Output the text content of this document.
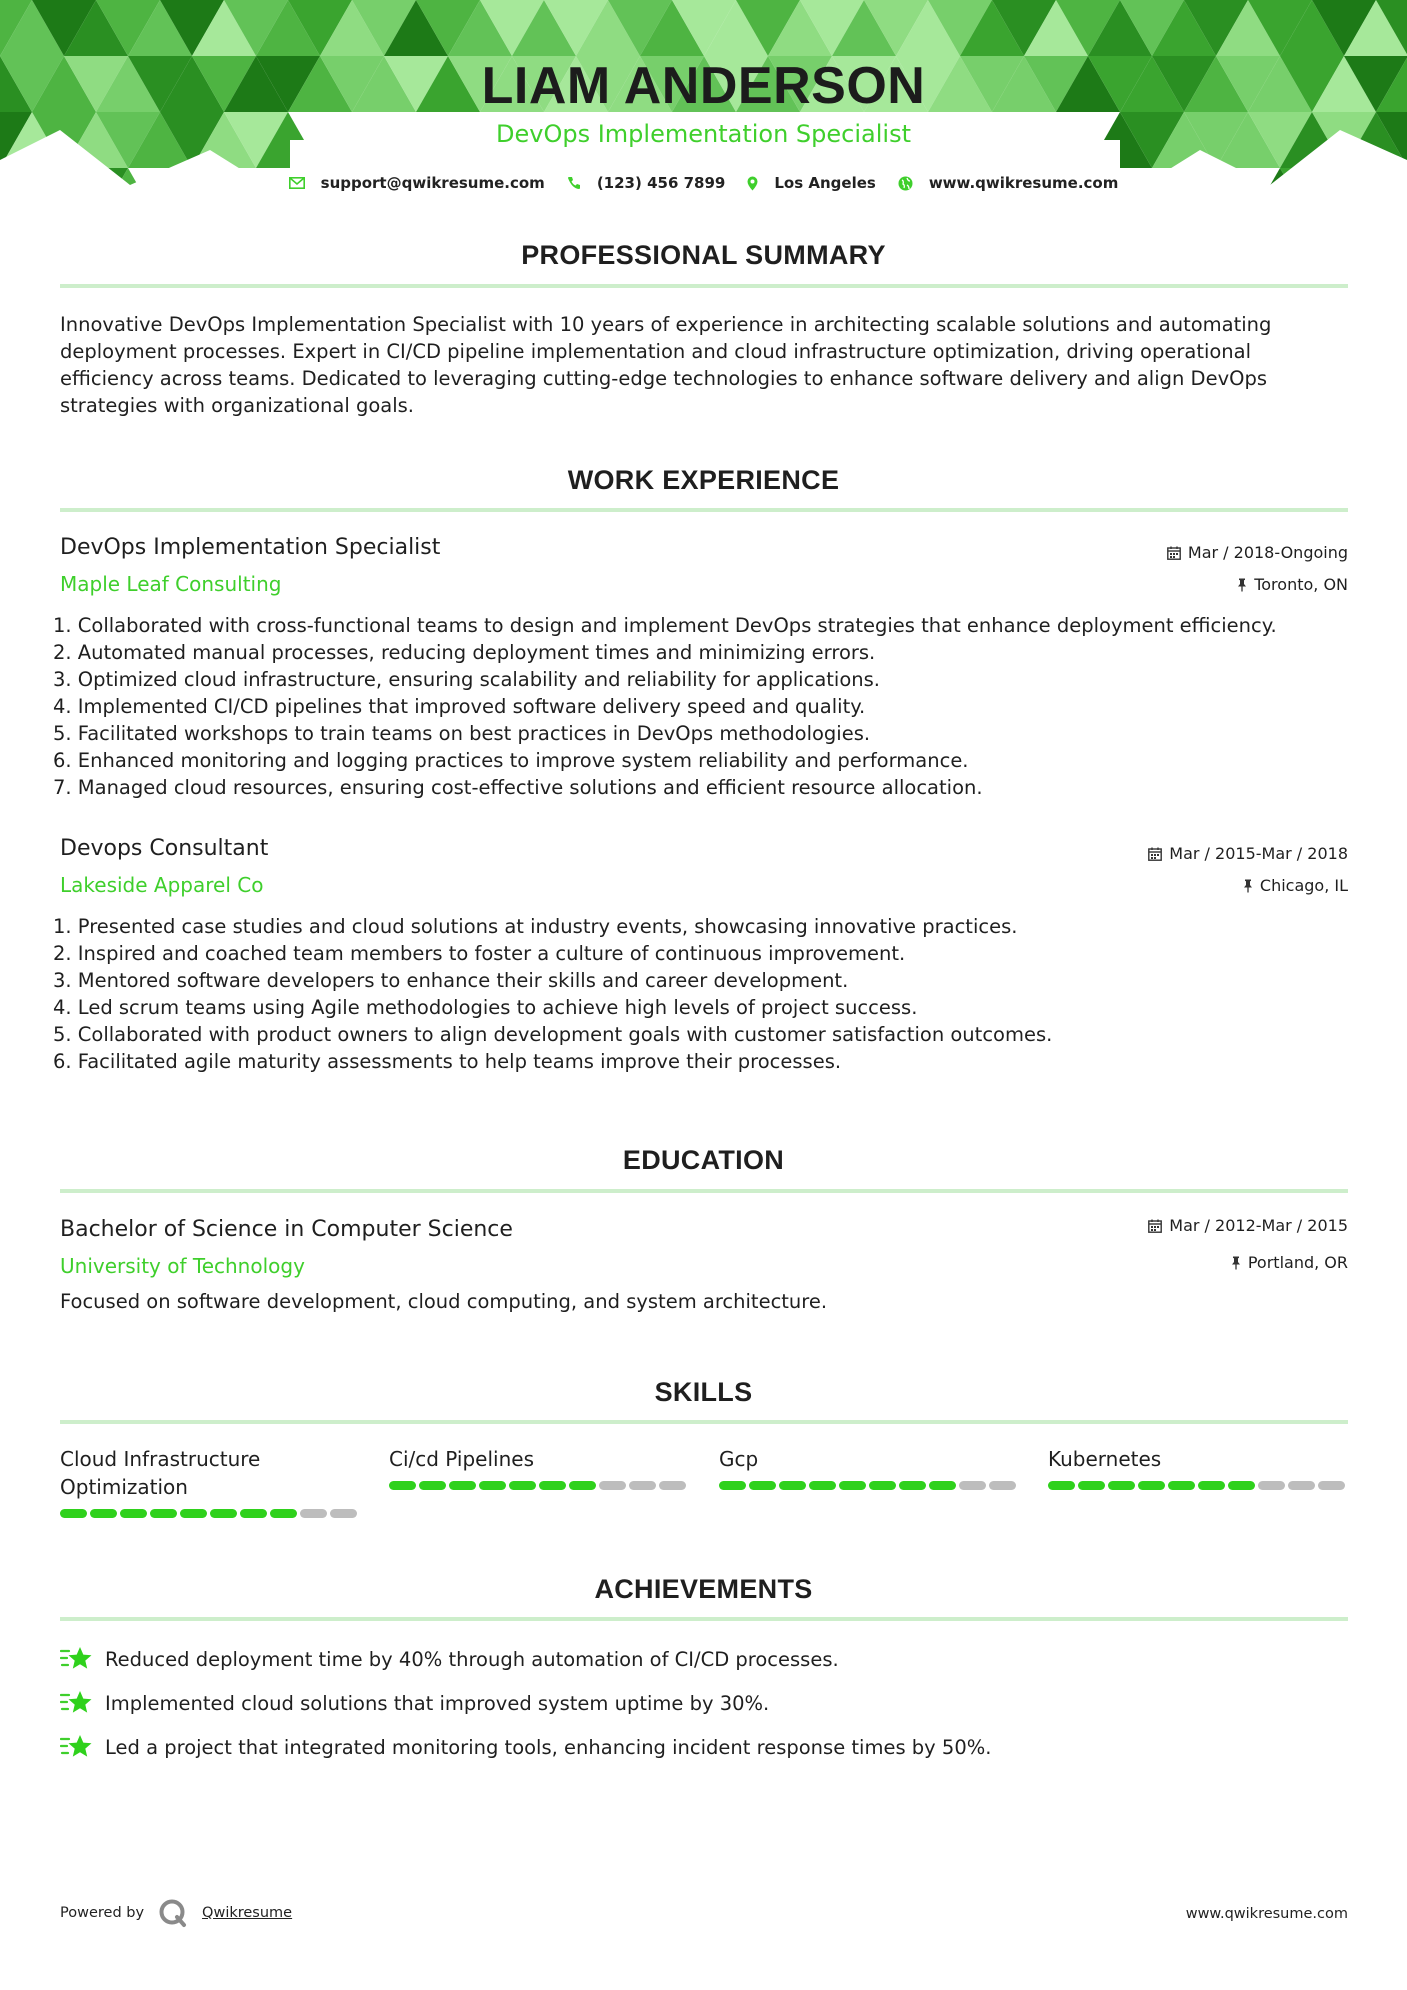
LIAM ANDERSON
DevOps Implementation Specialist
support@qwikresume.com	(123) 456 7899	Los Angeles	www.qwikresume.com
PROFESSIONAL SUMMARY
Innovative DevOps Implementation Specialist with 10 years of experience in architecting scalable solutions and automating
deployment processes. Expert in CI/CD pipeline implementation and cloud infrastructure optimization, driving operational
efficiency across teams. Dedicated to leveraging cutting-edge technologies to enhance software delivery and align DevOps
strategies with organizational goals.
WORK EXPERIENCE
DevOps Implementation Specialist
Maple Leaf Consulting
Mar / 2018-Ongoing
Toronto, ON
1. Collaborated with cross-functional teams to design and implement DevOps strategies that enhance deployment efficiency.
2. Automated manual processes, reducing deployment times and minimizing errors.
3. Optimized cloud infrastructure, ensuring scalability and reliability for applications.
4. Implemented CI/CD pipelines that improved software delivery speed and quality.
5. Facilitated workshops to train teams on best practices in DevOps methodologies.
6. Enhanced monitoring and logging practices to improve system reliability and performance.
7. Managed cloud resources, ensuring cost-effective solutions and efficient resource allocation.
Devops Consultant
Lakeside Apparel Co
Mar / 2015-Mar / 2018
Chicago, IL
1. Presented case studies and cloud solutions at industry events, showcasing innovative practices.
2. Inspired and coached team members to foster a culture of continuous improvement.
3. Mentored software developers to enhance their skills and career development.
4. Led scrum teams using Agile methodologies to achieve high levels of project success.
5. Collaborated with product owners to align development goals with customer satisfaction outcomes.
6. Facilitated agile maturity assessments to help teams improve their processes.
EDUCATION
Bachelor of Science in Computer Science
University of Technology
Mar / 2012-Mar / 2015
Portland, OR
Focused on software development, cloud computing, and system architecture.
SKILLS
Cloud Infrastructure
Optimization
Ci/cd Pipelines	Gcp	Kubernetes
ACHIEVEMENTS
Reduced deployment time by 40% through automation of CI/CD processes.
Implemented cloud solutions that improved system uptime by 30%.
Led a project that integrated monitoring tools, enhancing incident response times by 50%.
Powered by	Qwikresume	www.qwikresume.com
